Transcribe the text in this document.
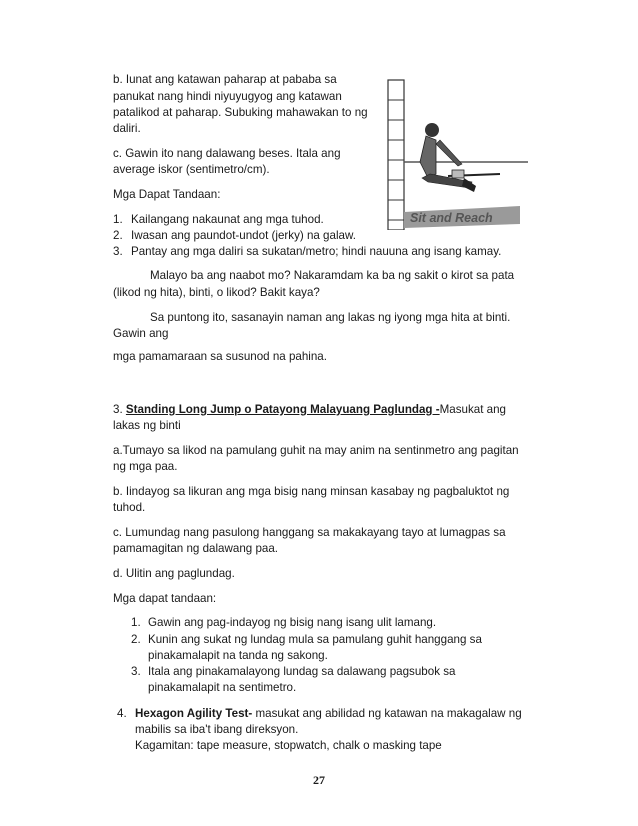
Sit and Reach

b. Iunat ang katawan paharap at pababa sa

panukat nang hindi niyuyugyog ang katawan

patalikod at paharap. Subuking mahawakan to ng

daliri.

c. Gawin ito nang dalawang beses. Itala ang

average iskor (sentimetro/cm).

Mga Dapat Tandaan:

1. Kailangang nakaunat ang mga tuhod.

2. Iwasan ang paundot-undot (jerky) na galaw.

3. Pantay ang mga daliri sa sukatan/metro; hindi nauuna ang isang kamay.

Malayo ba ang naabot mo? Nakaramdam ka ba ng sakit o kirot sa pata

(likod ng hita), binti, o likod? Bakit kaya?

Sa puntong ito, sasanayin naman ang lakas ng iyong mga hita at binti.

Gawin ang

mga pamamaraan sa susunod na pahina.

3. Standing Long Jump o Patayong Malayuang Paglundag -Masukat ang

lakas ng binti

a.Tumayo sa likod na pamulang guhit na may anim na sentinmetro ang pagitan

ng mga paa.

b. Iindayog sa likuran ang mga bisig nang minsan kasabay ng pagbaluktot ng

tuhod.

c. Lumundag nang pasulong hanggang sa makakayang tayo at lumagpas sa

pamamagitan ng dalawang paa.

d. Ulitin ang paglundag.

Mga dapat tandaan:

1. Gawin ang pag-indayog ng bisig nang isang ulit lamang.

2. Kunin ang sukat ng lundag mula sa pamulang guhit hanggang sa

pinakamalapit na tanda ng sakong.

3. Itala ang pinakamalayong lundag sa dalawang pagsubok sa

pinakamalapit na sentimetro.

4. Hexagon Agility Test- masukat ang abilidad ng katawan na makagalaw ng

mabilis sa iba't ibang direksyon.

Kagamitan: tape measure, stopwatch, chalk o masking tape

27
